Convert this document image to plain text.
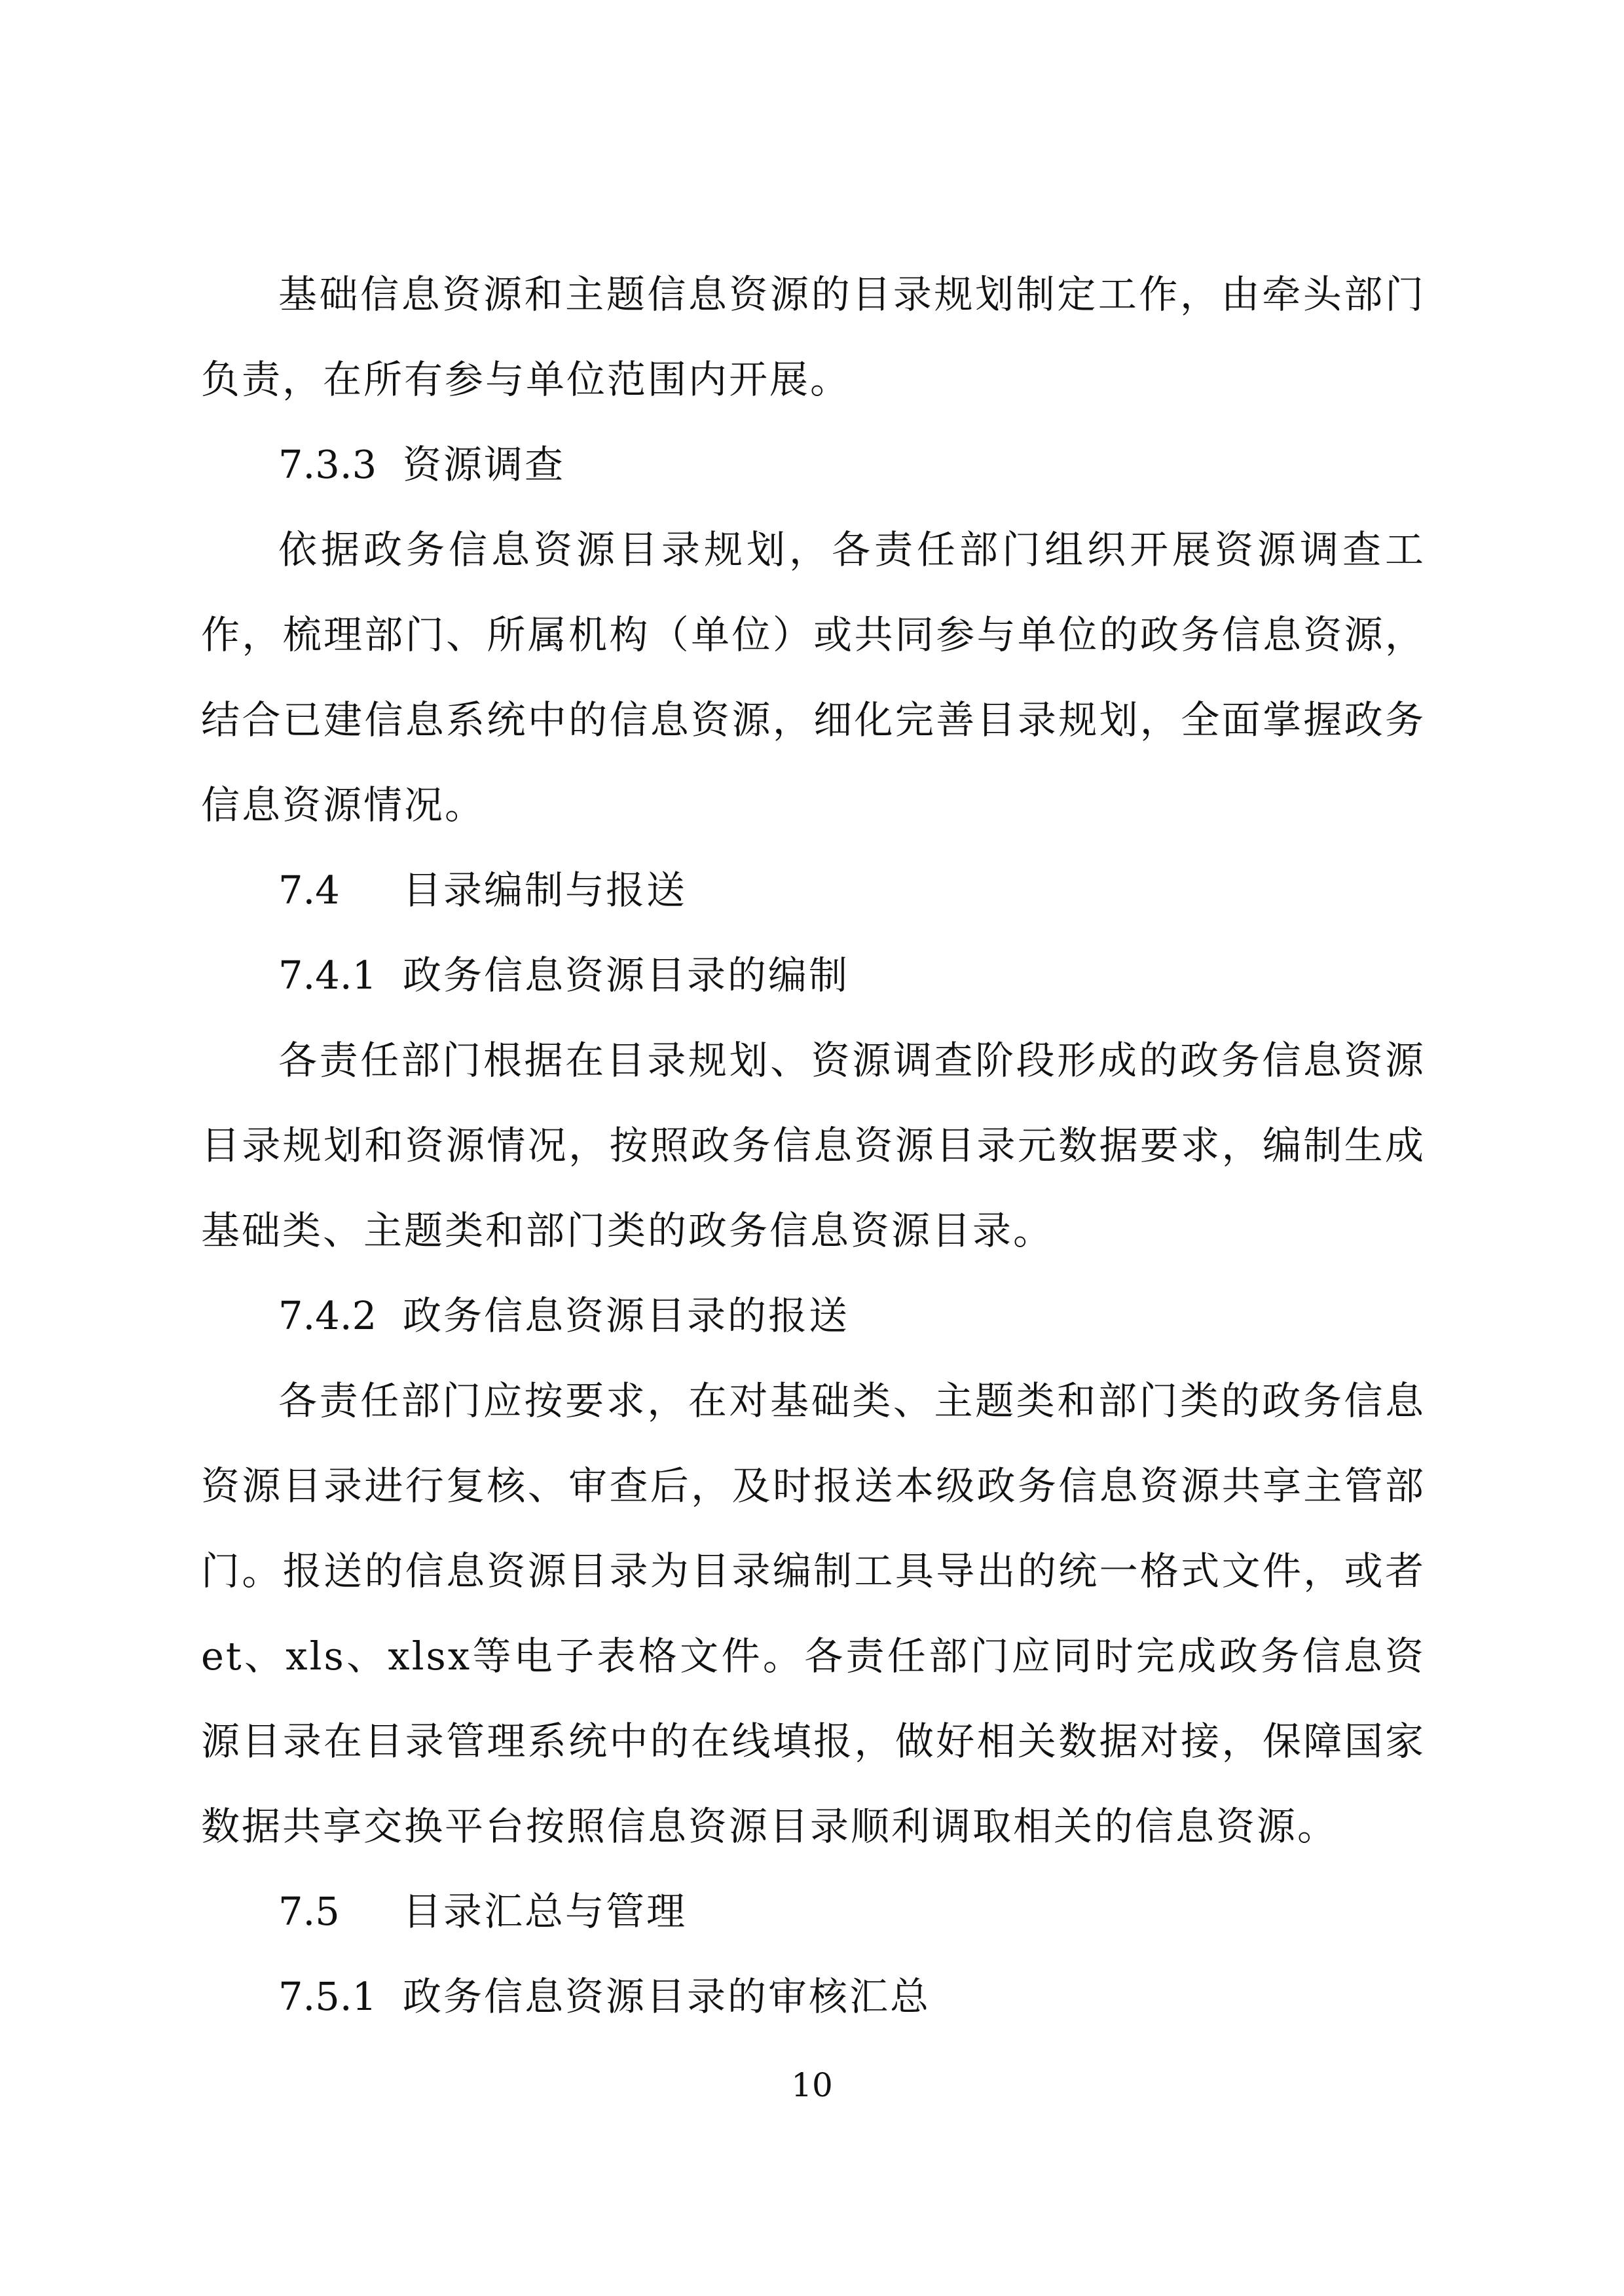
基础信息资源和主题信息资源的目录规划制定工作，由牵头部门负责，在所有参与单位范围内开展。

7.3.3 资源调查

依据政务信息资源目录规划，各责任部门组织开展资源调查工作，梳理部门、所属机构（单位）或共同参与单位的政务信息资源，结合已建信息系统中的信息资源，细化完善目录规划，全面掌握政务信息资源情况。

7.4 目录编制与报送

7.4.1 政务信息资源目录的编制

各责任部门根据在目录规划、资源调查阶段形成的政务信息资源目录规划和资源情况，按照政务信息资源目录元数据要求，编制生成基础类、主题类和部门类的政务信息资源目录。

7.4.2 政务信息资源目录的报送

各责任部门应按要求，在对基础类、主题类和部门类的政务信息资源目录进行复核、审查后，及时报送本级政务信息资源共享主管部门。报送的信息资源目录为目录编制工具导出的统一格式文件，或者et、xls、xlsx等电子表格文件。各责任部门应同时完成政务信息资源目录在目录管理系统中的在线填报，做好相关数据对接，保障国家数据共享交换平台按照信息资源目录顺利调取相关的信息资源。

7.5 目录汇总与管理

7.5.1 政务信息资源目录的审核汇总

10
